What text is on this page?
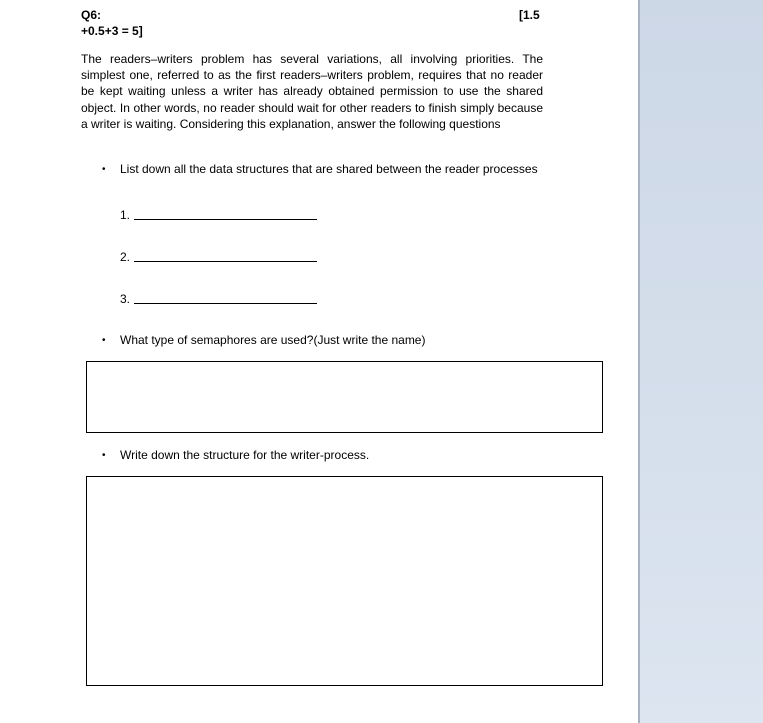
Q6:	[1.5
+0.5+3 = 5]
The readers–writers problem has several variations, all involving priorities. The simplest one, referred to as the first readers–writers problem, requires that no reader be kept waiting unless a writer has already obtained permission to use the shared object. In other words, no reader should wait for other readers to finish simply because a writer is waiting. Considering this explanation, answer the following questions
• List down all the data structures that are shared between the reader processes
1.
2.
3.
• What type of semaphores are used?(Just write the name)
• Write down the structure for the writer-process.
